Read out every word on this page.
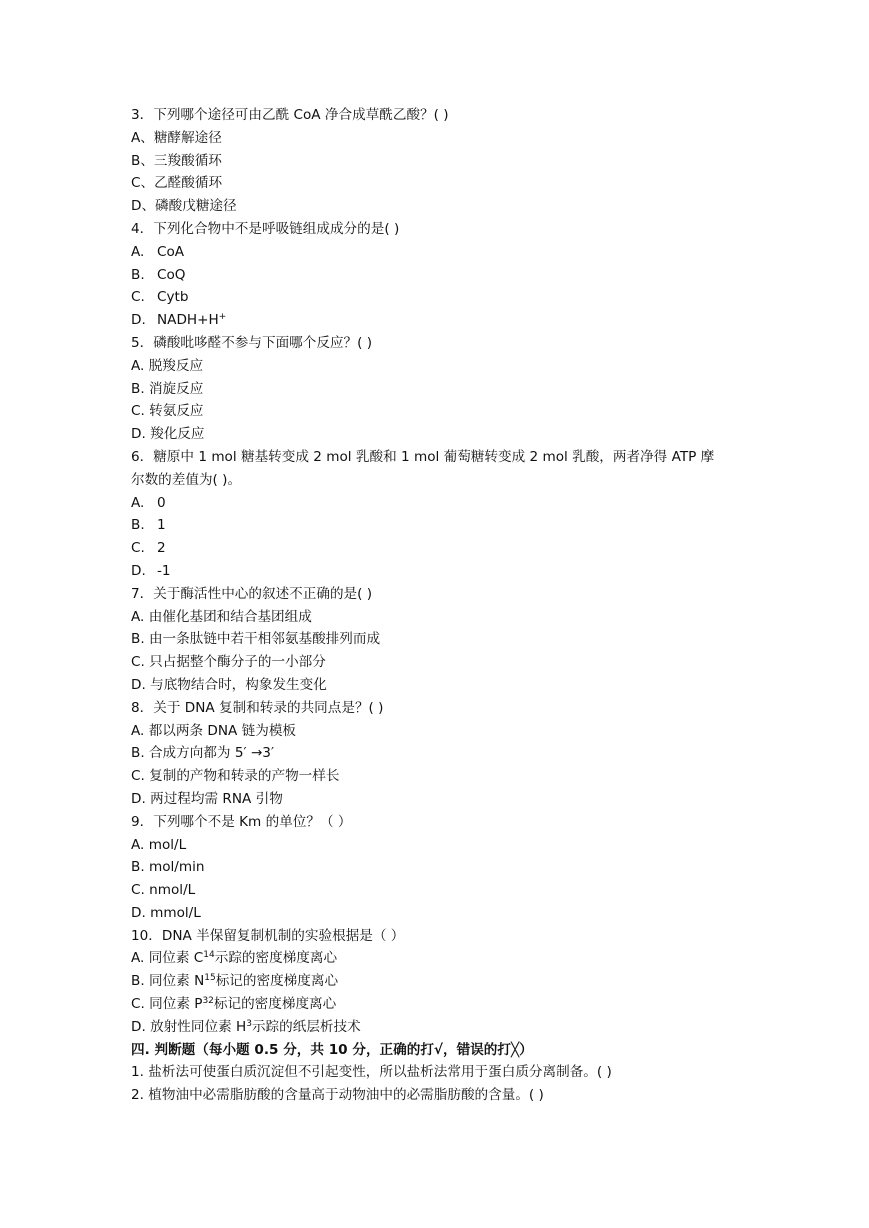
3．下列哪个途径可由乙酰 CoA 净合成草酰乙酸？( )
A、糖酵解途径
B、三羧酸循环
C、乙醛酸循环
D、磷酸戊糖途径
4．下列化合物中不是呼吸链组成成分的是( )
A. CoA
B. CoQ
C. Cytb
D. NADH+H+
5．磷酸吡哆醛不参与下面哪个反应？( )
A. 脱羧反应
B. 消旋反应
C. 转氨反应
D. 羧化反应
6．糖原中 1 mol 糖基转变成 2 mol 乳酸和 1 mol 葡萄糖转变成 2 mol 乳酸，两者净得 ATP 摩
尔数的差值为( )。
A. 0
B. 1
C. 2
D. -1
7．关于酶活性中心的叙述不正确的是( )
A. 由催化基团和结合基团组成
B. 由一条肽链中若干相邻氨基酸排列而成
C. 只占据整个酶分子的一小部分
D. 与底物结合时，构象发生变化
8．关于 DNA 复制和转录的共同点是？( )
A. 都以两条 DNA 链为模板
B. 合成方向都为 5′ →3′
C. 复制的产物和转录的产物一样长
D. 两过程均需 RNA 引物
9．下列哪个不是 Km 的单位？（ ）
A. mol/L
B. mol/min
C. nmol/L
D. mmol/L
10．DNA 半保留复制机制的实验根据是（ ）
A. 同位素 $C^{14}$示踪的密度梯度离心
B. 同位素 $N^{15}$标记的密度梯度离心
C. 同位素 $P^{32}$标记的密度梯度离心
D. 放射性同位素 $H^3$示踪的纸层析技术
四. 判断题（每小题 0.5 分，共 10 分，正确的打√，错误的打╳）
1. 盐析法可使蛋白质沉淀但不引起变性，所以盐析法常用于蛋白质分离制备。( )
2. 植物油中必需脂肪酸的含量高于动物油中的必需脂肪酸的含量。( )
